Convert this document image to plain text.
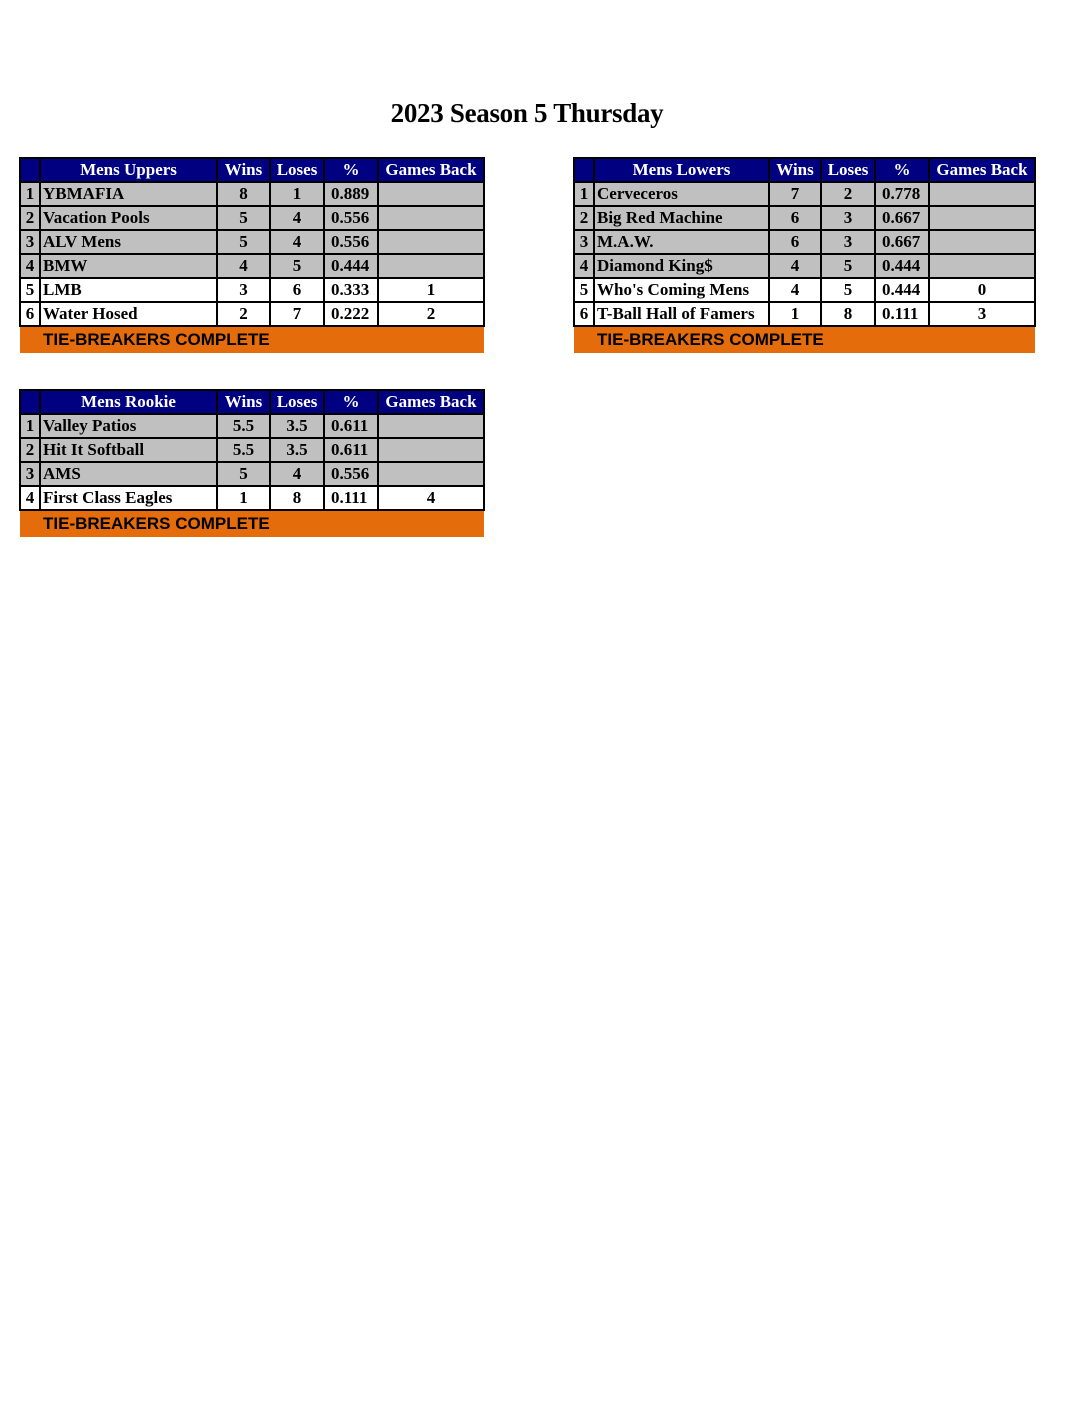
2023 Season 5 Thursday
	Mens Uppers	Wins	Loses	%	Games Back
1	YBMAFIA	8	1	0.889	
2	Vacation Pools	5	4	0.556	
3	ALV Mens	5	4	0.556	
4	BMW	4	5	0.444	
5	LMB	3	6	0.333	1
6	Water Hosed	2	7	0.222	2
TIE-BREAKERS COMPLETE					
	Mens Lowers	Wins	Loses	%	Games Back
1	Cerveceros	7	2	0.778	
2	Big Red Machine	6	3	0.667	
3	M.A.W.	6	3	0.667	
4	Diamond King$	4	5	0.444	
5	Who's Coming Mens	4	5	0.444	0
6	T-Ball Hall of Famers	1	8	0.111	3
TIE-BREAKERS COMPLETE					
	Mens Rookie	Wins	Loses	%	Games Back
1	Valley Patios	5.5	3.5	0.611	
2	Hit It Softball	5.5	3.5	0.611	
3	AMS	5	4	0.556	
4	First Class Eagles	1	8	0.111	4
TIE-BREAKERS COMPLETE					
